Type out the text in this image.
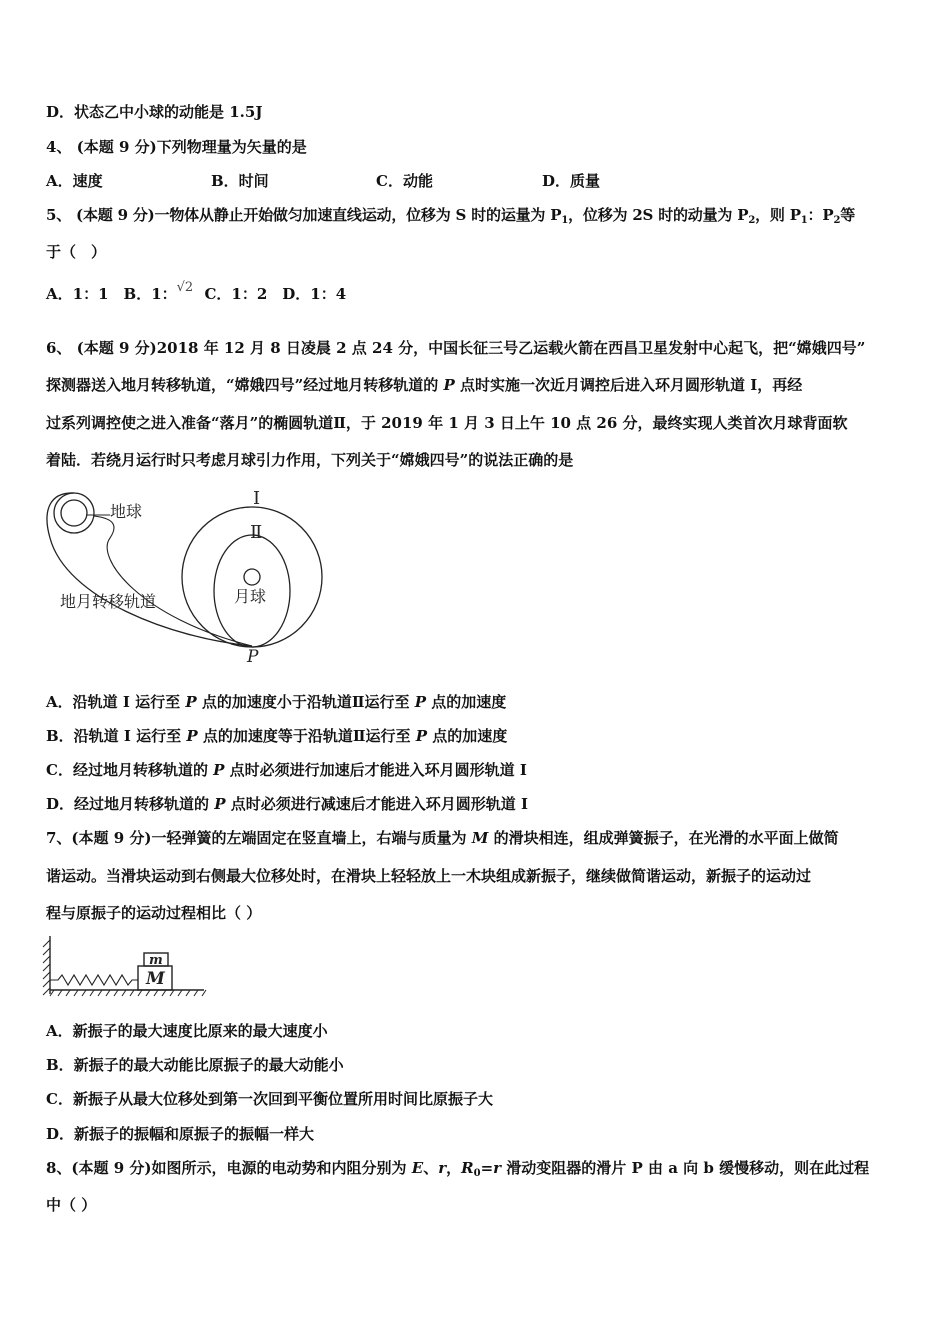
D．状态乙中小球的动能是 1.5J
4、 (本题 9 分)下列物理量为矢量的是
A．速度	B．时间	C．动能	D．质量
5、 (本题 9 分)一物体从静止开始做匀加速直线运动，位移为 S 时的运量为 $P_1$，位移为 2S 时的动量为 $P_2$，则 $P_1$：$P_2$等
于（　）
A．1：1　B．1：√2 C．1：2　D．1：4
6、 (本题 9 分)2018 年 12 月 8 日凌晨 2 点 24 分，中国长征三号乙运载火箭在西昌卫星发射中心起飞，把“嫦娥四号”
探测器送入地月转移轨道，“嫦娥四号”经过地月转移轨道的 P 点时实施一次近月调控后进入环月圆形轨道 I，再经
过系列调控使之进入准备“落月”的椭圆轨道Ⅱ，于 2019 年 1 月 3 日上午 10 点 26 分，最终实现人类首次月球背面软
着陆．若绕月运行时只考虑月球引力作用，下列关于“嫦娥四号”的说法正确的是
地球
地月转移轨道	月球
I
Ⅱ
P
A．沿轨道 I 运行至 P 点的加速度小于沿轨道Ⅱ运行至 P 点的加速度
B．沿轨道 I 运行至 P 点的加速度等于沿轨道Ⅱ运行至 P 点的加速度
C．经过地月转移轨道的 P 点时必须进行加速后才能进入环月圆形轨道 I
D．经过地月转移轨道的 P 点时必须进行减速后才能进入环月圆形轨道 I
7、(本题 9 分)一轻弹簧的左端固定在竖直墙上，右端与质量为 M 的滑块相连，组成弹簧振子，在光滑的水平面上做简
谐运动。当滑块运动到右侧最大位移处时，在滑块上轻轻放上一木块组成新振子，继续做简谐运动，新振子的运动过
程与原振子的运动过程相比（ ）
M
m
A．新振子的最大速度比原来的最大速度小
B．新振子的最大动能比原振子的最大动能小
C．新振子从最大位移处到第一次回到平衡位置所用时间比原振子大
D．新振子的振幅和原振子的振幅一样大
8、(本题 9 分)如图所示，电源的电动势和内阻分别为 E、r，$R_0=r$ 滑动变阻器的滑片 P 由 a 向 b 缓慢移动，则在此过程
中（ ）
